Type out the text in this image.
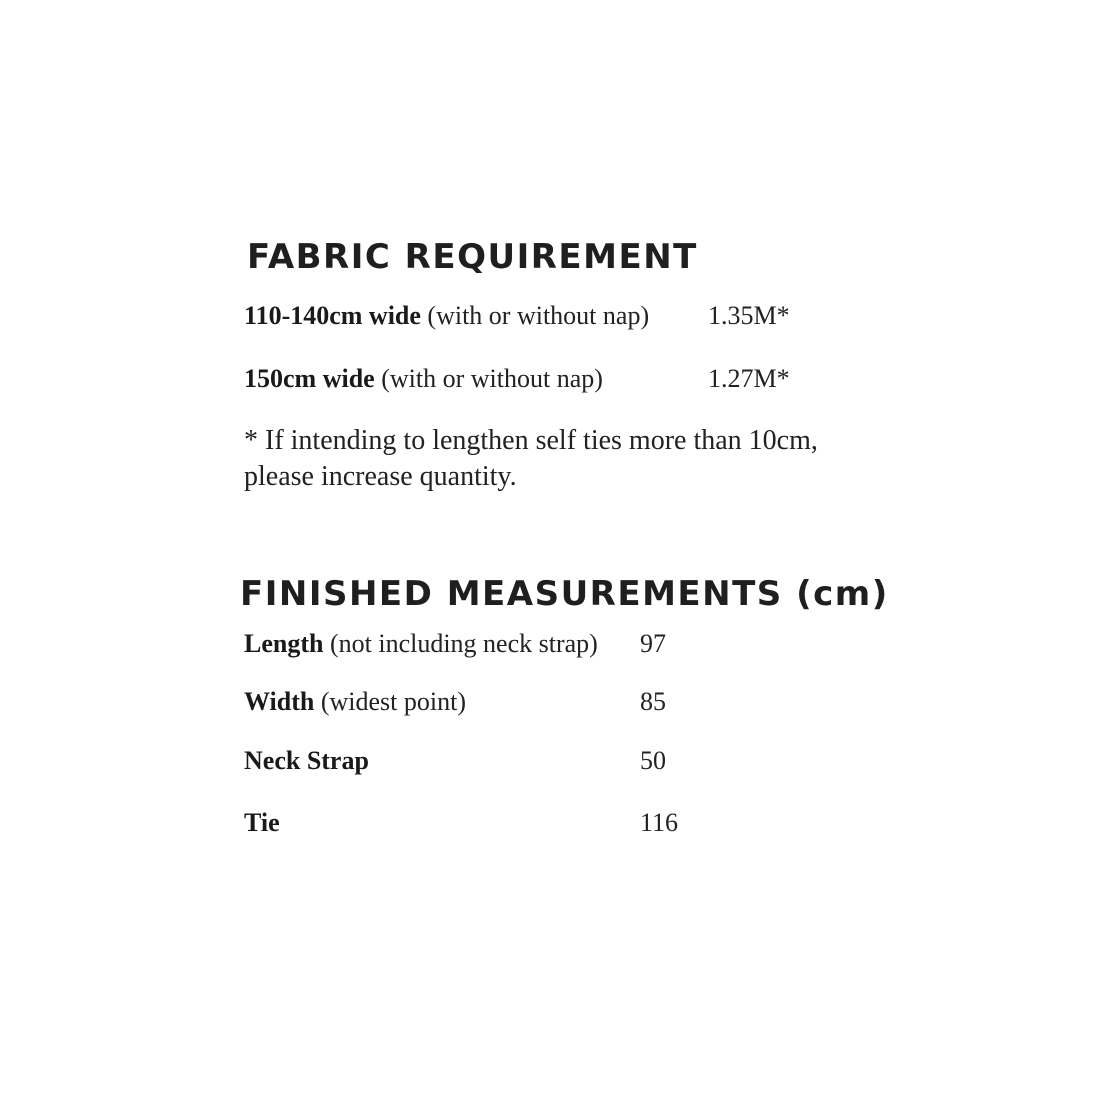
FABRIC REQUIREMENT
110-140cm wide (with or without nap) 1.35M*
150cm wide (with or without nap)	1.27M*
* If intending to lengthen self ties more than 10cm,
please increase quantity.
FINISHED MEASUREMENTS (cm)
Length (not including neck strap) 97
Width (widest point)	85
Neck Strap	50
Tie	116
